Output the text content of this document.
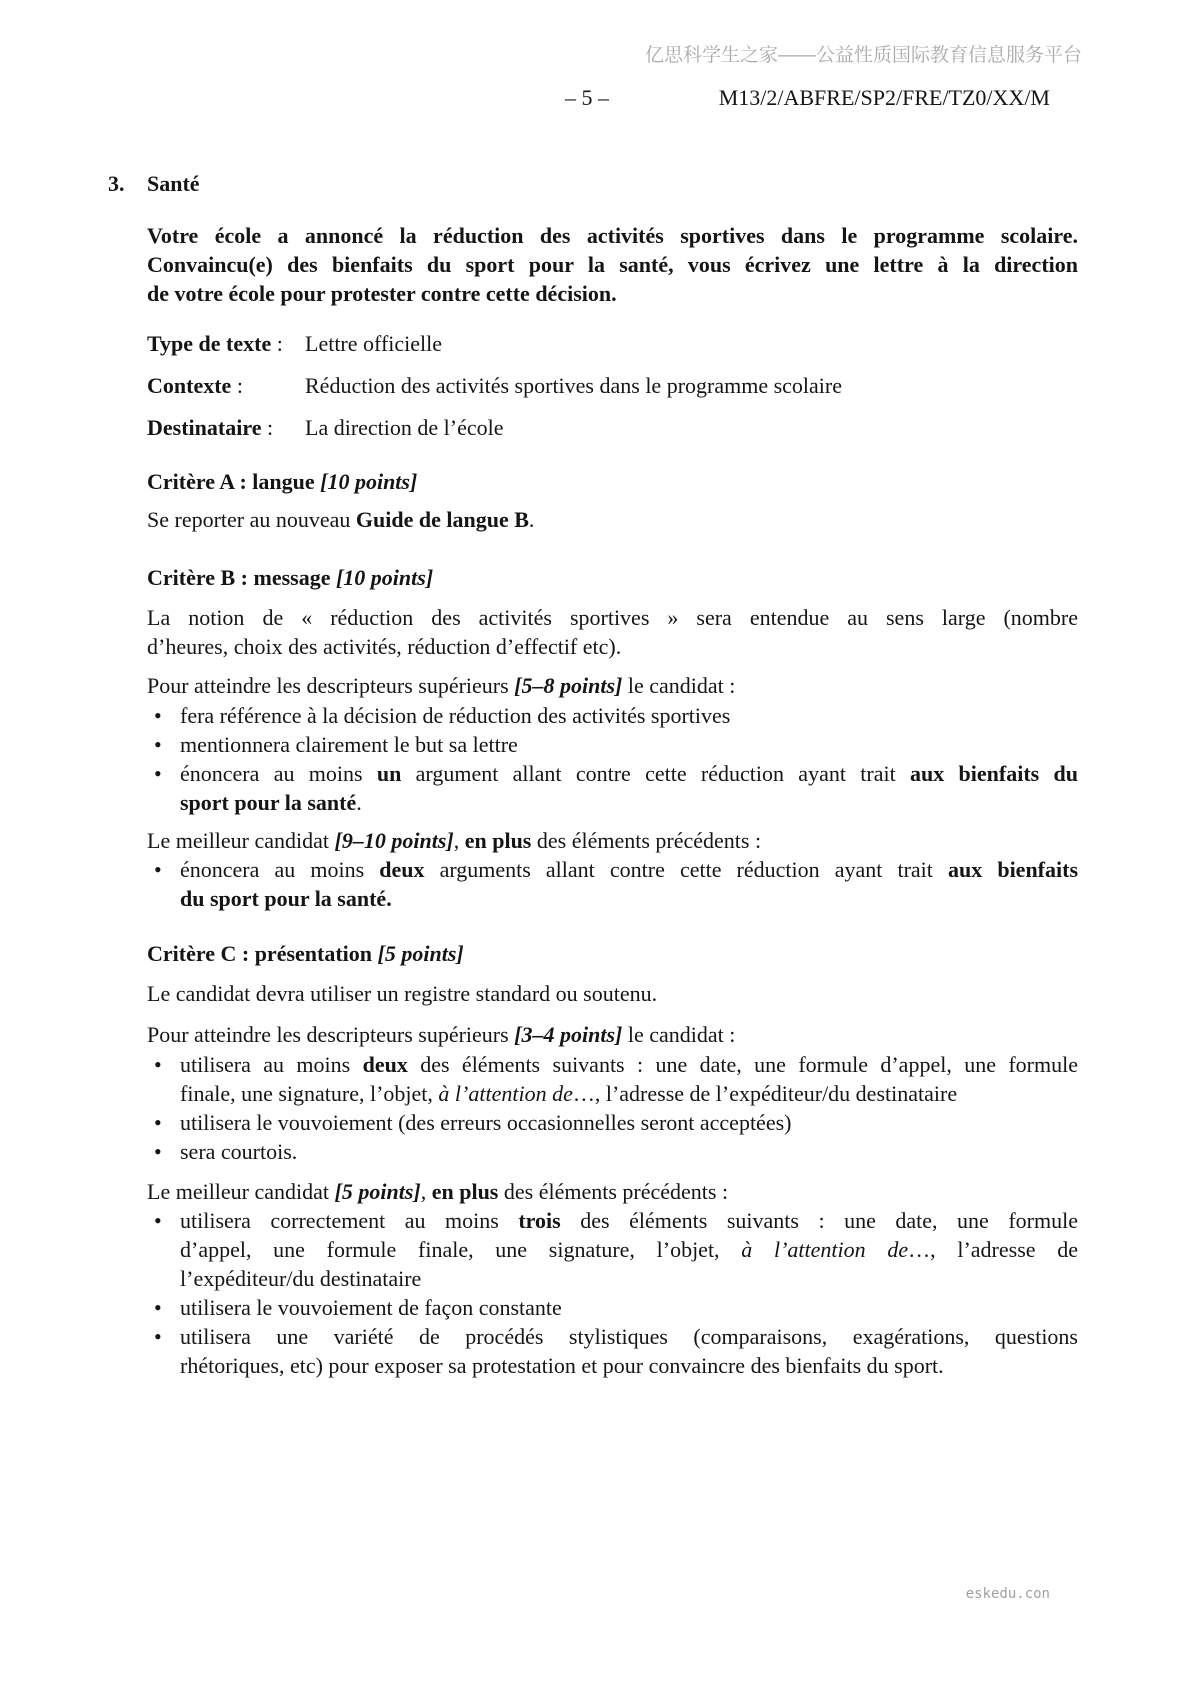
亿思科学生之家——公益性质国际教育信息服务平台
– 5 –	M13/2/ABFRE/SP2/FRE/TZ0/XX/M
3.	Santé
Votre école a annoncé la réduction des activités sportives dans le programme scolaire.
Convaincu(e) des bienfaits du sport pour la santé, vous écrivez une lettre à la direction
de votre école pour protester contre cette décision.
Type de texte :	Lettre officielle
Contexte :	Réduction des activités sportives dans le programme scolaire
Destinataire :	La direction de l’école
Critère A : langue [10 points]
Se reporter au nouveau Guide de langue B.
Critère B : message [10 points]
La notion de « réduction des activités sportives » sera entendue au sens large (nombre
d’heures, choix des activités, réduction d’effectif etc).
Pour atteindre les descripteurs supérieurs [5–8 points] le candidat :
• fera référence à la décision de réduction des activités sportives
• mentionnera clairement le but sa lettre
• énoncera au moins un argument allant contre cette réduction ayant trait aux bienfaits du
sport pour la santé.
Le meilleur candidat [9–10 points], en plus des éléments précédents :
• énoncera au moins deux arguments allant contre cette réduction ayant trait aux bienfaits
du sport pour la santé.
Critère C : présentation [5 points]
Le candidat devra utiliser un registre standard ou soutenu.
Pour atteindre les descripteurs supérieurs [3–4 points] le candidat :
• utilisera au moins deux des éléments suivants : une date, une formule d’appel, une formule
finale, une signature, l’objet, à l’attention de…, l’adresse de l’expéditeur/du destinataire
• utilisera le vouvoiement (des erreurs occasionnelles seront acceptées)
• sera courtois.
Le meilleur candidat [5 points], en plus des éléments précédents :
• utilisera correctement au moins trois des éléments suivants : une date, une formule
d’appel, une formule finale, une signature, l’objet, à l’attention de…, l’adresse de
l’expéditeur/du destinataire
• utilisera le vouvoiement de façon constante
• utilisera une variété de procédés stylistiques (comparaisons, exagérations, questions
rhétoriques, etc) pour exposer sa protestation et pour convaincre des bienfaits du sport.
eskedu.con
